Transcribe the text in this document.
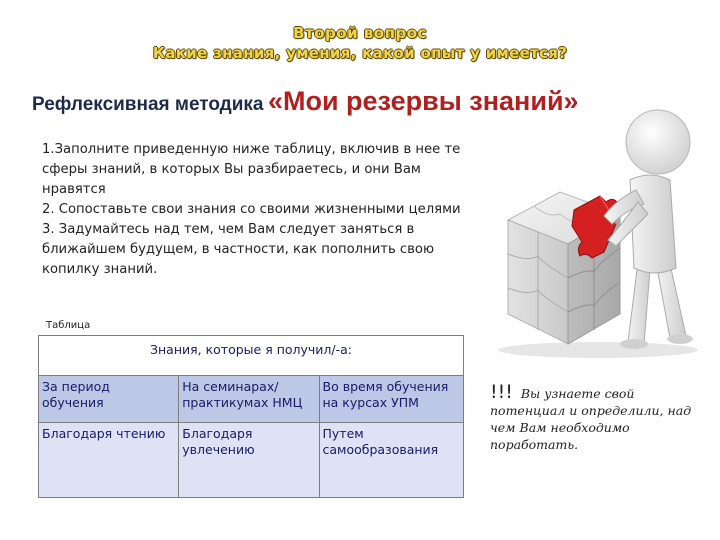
Второй вопрос
Какие знания, умения, какой опыт у имеется?
Рефлексивная методика «Мои резервы знаний»

1.Заполните приведенную ниже таблицу, включив в нее те сферы знаний, в которых Вы разбираетесь, и они Вам нравятся

2. Сопоставьте свои знания со своими жизненными целями

3. Задумайтесь над тем, чем Вам следует заняться в ближайшем будущем, в частности, как пополнить свою копилку знаний.

Таблица
Знания, которые я получил/-а:		
За период обучения	На семинарах/ практикумах НМЦ	Во время обучения на курсах УПМ
Благодаря чтению	Благодаря увлечению	Путем самообразования
!!! Вы узнаете свой потенциал и определили, над чем Вам необходимо поработать.
